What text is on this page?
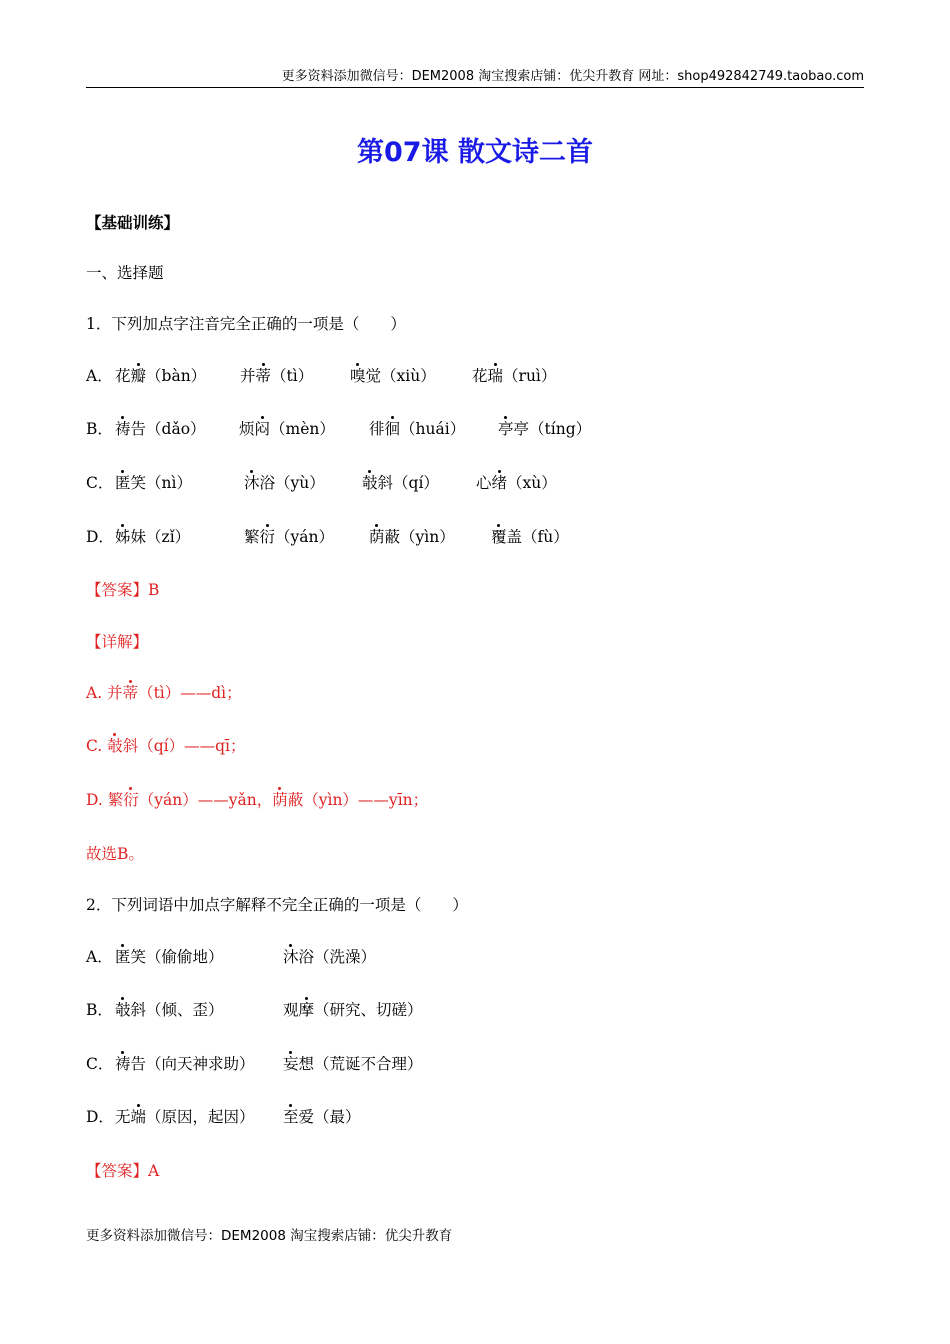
更多资料添加微信号：DEM2008 淘宝搜索店铺：优尖升教育 网址：shop492842749.taobao.com
第07课 散文诗二首
【基础训练】
一、选择题
1．下列加点字注音完全正确的一项是（　　）
A． 花瓣（bàn） 并蒂（tì） 嗅觉（xiù） 花瑞（ruì）
B． 祷告（dǎo） 烦闷（mèn） 徘徊（huái） 亭亭（tíng）
C． 匿笑（nì）	沐浴（yù） 攲斜（qí） 心绪（xù）
D． 姊妹（zǐ）	繁衍（yán） 荫蔽（yìn） 覆盖（fù）
【答案】B
【详解】
A. 并蒂（tì）——dì；
C. 攲斜（qí）——qī；
D. 繁衍（yán）——yǎn，荫蔽（yìn）——yīn；
故选B。
2．下列词语中加点字解释不完全正确的一项是（　　）
A． 匿笑（偷偷地）	沐浴（洗澡）
B． 攲斜（倾、歪）	观摩（研究、切磋）
C． 祷告（向天神求助） 妄想（荒诞不合理）
D． 无端（原因，起因） 至爱（最）
【答案】A
更多资料添加微信号：DEM2008 淘宝搜索店铺：优尖升教育
